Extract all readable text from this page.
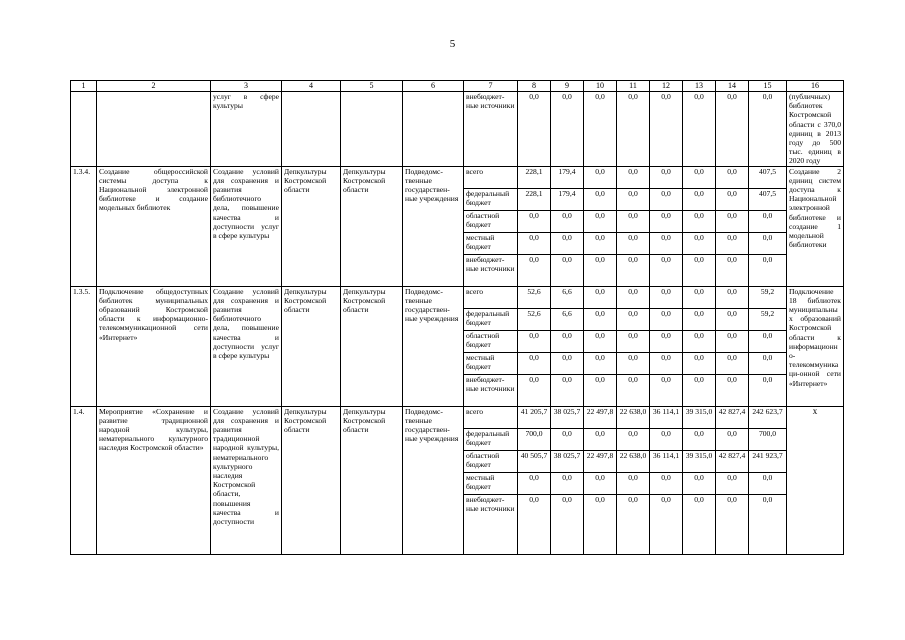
5
1	2	3	4	5	6	7	8	9	10	11	12	13	14	15	16
		услуг в сфере культуры				внебюджет-ные источники	0,0	0,0	0,0	0,0	0,0	0,0	0,0	0,0	(публичных) библиотек Костромской области с 370,0 единиц в 2013 году до 500 тыс. единиц в 2020 году
1.3.4.	Создание общероссийской системы доступа к Национальной электронной библиотеке и создание модельных библиотек	Создание условий для сохранения и развития библиотечного дела, повышение качества и доступности услуг в сфере культуры	Депкультуры Костромской области	Депкультуры Костромской области	Подведомс-твенные государствен-ные учреждения	всего	228,1	179,4	0,0	0,0	0,0	0,0	0,0	407,5	Создание 2 единиц систем доступа к Национальной электронной библиотеке и создание 1 модельной библиотеки
						федеральный бюджет	228,1	179,4	0,0	0,0	0,0	0,0	0,0	407,5	
						областной бюджет	0,0	0,0	0,0	0,0	0,0	0,0	0,0	0,0	
						местный бюджет	0,0	0,0	0,0	0,0	0,0	0,0	0,0	0,0	
						внебюджет-ные источники	0,0	0,0	0,0	0,0	0,0	0,0	0,0	0,0	
1.3.5.	Подключение общедоступных библиотек муниципальных образований Костромской области к информационно-телекоммуникационной сети «Интернет»	Создание условий для сохранения и развития библиотечного дела, повышение качества и доступности услуг в сфере культуры	Депкультуры Костромской области	Депкультуры Костромской области	Подведомс-твенные государствен-ные учреждения	всего	52,6	6,6	0,0	0,0	0,0	0,0	0,0	59,2	Подключение 18 библиотек муниципальных образований Костромской области к информационно-телекоммуникаци-онной сети «Интернет»
						федеральный бюджет	52,6	6,6	0,0	0,0	0,0	0,0	0,0	59,2	
						областной бюджет	0,0	0,0	0,0	0,0	0,0	0,0	0,0	0,0	
						местный бюджет	0,0	0,0	0,0	0,0	0,0	0,0	0,0	0,0	
						внебюджет-ные источники	0,0	0,0	0,0	0,0	0,0	0,0	0,0	0,0	
1.4.	Мероприятие «Сохранение и развитие традиционной народной культуры, нематериального культурного наследия Костромской области»	Создание условий для сохранения и развития традиционной народной культуры, нематериального культурного наследия Костромской области, повышения качества и доступности	Депкультуры Костромской области	Депкультуры Костромской области	Подведомс-твенные государствен-ные учреждения	всего	41 205,7	38 025,7	22 497,8	22 638,0	36 114,1	39 315,0	42 827,4	242 623,7	х
						федеральный бюджет	700,0	0,0	0,0	0,0	0,0	0,0	0,0	700,0	
						областной бюджет	40 505,7	38 025,7	22 497,8	22 638,0	36 114,1	39 315,0	42 827,4	241 923,7	
						местный бюджет	0,0	0,0	0,0	0,0	0,0	0,0	0,0	0,0	
						внебюджет-ные источники	0,0	0,0	0,0	0,0	0,0	0,0	0,0	0,0	
